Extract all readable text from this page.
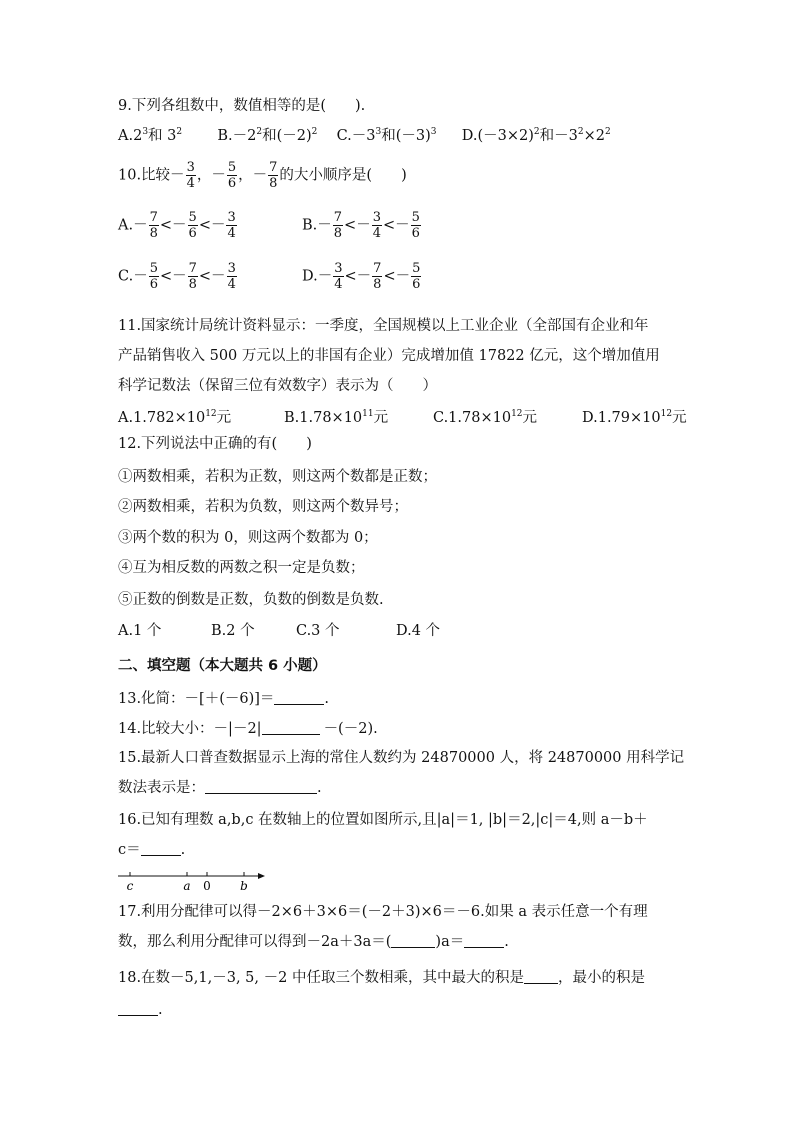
9.下列各组数中，数值相等的是(　　).
$A.2^3$和 $3^2$ $B.-2^2$和$(-2)^2$ $C.-3^3$和$(-3)^3$ $D.(-3\times 2)^2$和$-3^2\times 2^2$
10.比较－ $\frac{3}{4}$ ，－ $\frac{5}{6}$ ，－ $\frac{7}{8}$ 的大小顺序是(　　)
$A.- \frac{7}{8} <- \frac{5}{6} <- \frac{3}{4}$	$B.- \frac{7}{8} <- \frac{3}{4} <- \frac{5}{6}$
$C.- \frac{5}{6} <- \frac{7}{8} <- \frac{3}{4}$	$D.- \frac{3}{4} <- \frac{7}{8} <- \frac{5}{6}$
11.国家统计局统计资料显示：一季度，全国规模以上工业企业（全部国有企业和年
产品销售收入 500 万元以上的非国有企业）完成增加值 17822 亿元，这个增加值用
科学记数法（保留三位有效数字）表示为（　　）
$A.1.782\times 10^{12}$元	$B.1.78\times 10^{11}$元	$C.1.78\times 10^{12}$元	$D.1.79\times 10^{12}$元
12.下列说法中正确的有(　　)
①两数相乘，若积为正数，则这两个数都是正数；
②两数相乘，若积为负数，则这两个数异号；
③两个数的积为 0，则这两个数都为 0；
④互为相反数的两数之积一定是负数；
⑤正数的倒数是正数，负数的倒数是负数.
A.1 个	B.2 个	C.3 个	D.4 个
二、填空题（本大题共 6 小题）
13.化简：－[＋(－6)]＝	.
14.比较大小：－|－2|	－(－2).
15.最新人口普查数据显示上海的常住人数约为 24870000 人，将 24870000 用科学记
数法表示是：	.
16.已知有理数 a,b,c 在数轴上的位置如图所示,且|a|＝1, |b|＝2,|c|＝4,则 a－b＋
c＝	.
c	a 0 b
17.利用分配律可以得－2×6＋3×6＝(－2＋3)×6＝－6.如果 a 表示任意一个有理
数，那么利用分配律可以得到－2a＋3a＝(	)a＝	.
18.在数－5,1,－3, 5, －2 中任取三个数相乘，其中最大的积是 ，最小的积是
.
